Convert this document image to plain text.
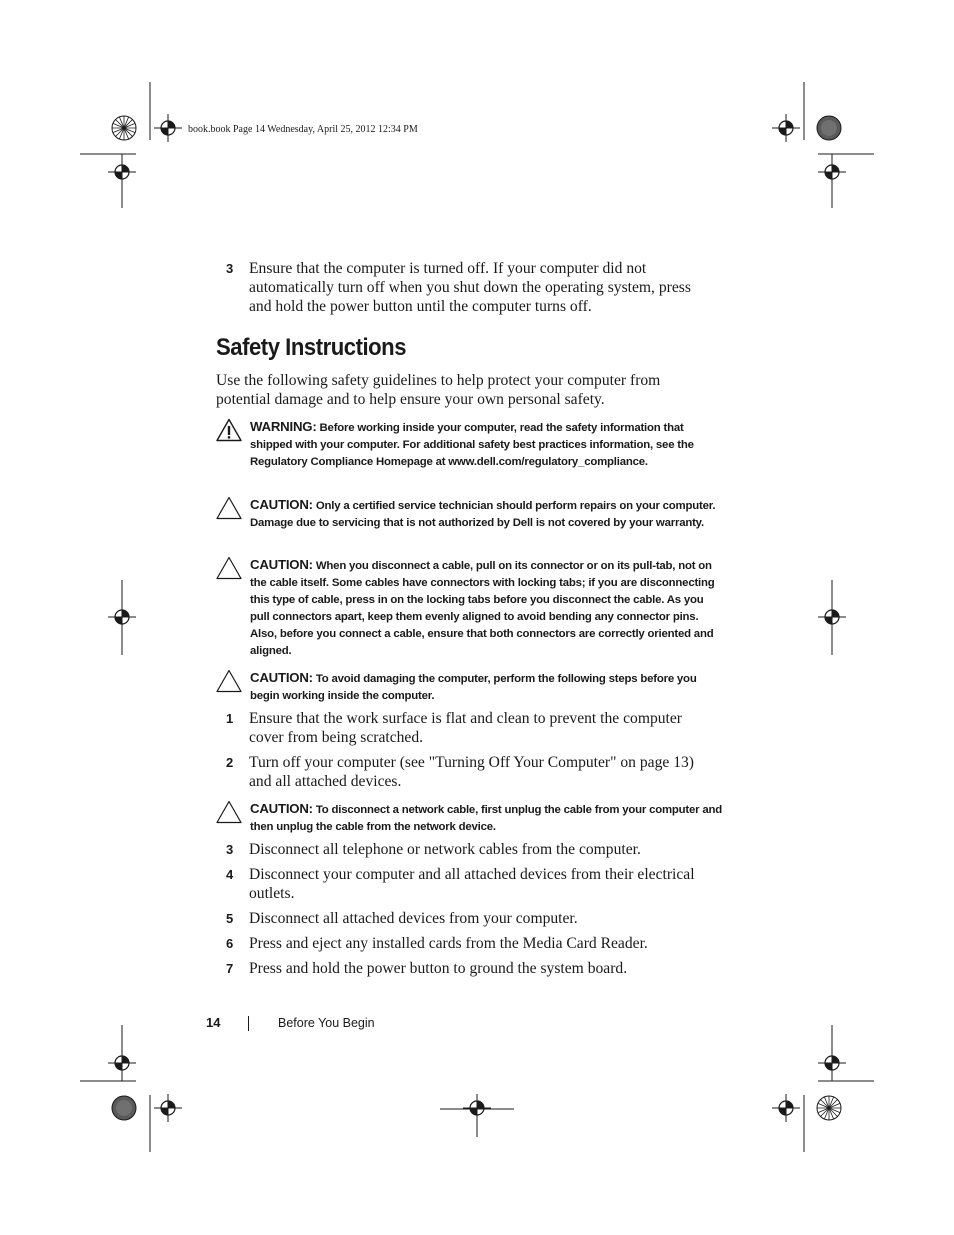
book.book Page 14 Wednesday, April 25, 2012 12:34 PM
3	Ensure that the computer is turned off. If your computer did not automatically turn off when you shut down the operating system, press and hold the power button until the computer turns off.
Safety Instructions
Use the following safety guidelines to help protect your computer from potential damage and to help ensure your own personal safety.
WARNING: Before working inside your computer, read the safety information that shipped with your computer. For additional safety best practices information, see the Regulatory Compliance Homepage at www.dell.com/regulatory_compliance.
CAUTION: Only a certified service technician should perform repairs on your computer. Damage due to servicing that is not authorized by Dell is not covered by your warranty.
CAUTION: When you disconnect a cable, pull on its connector or on its pull-tab, not on the cable itself. Some cables have connectors with locking tabs; if you are disconnecting this type of cable, press in on the locking tabs before you disconnect the cable. As you pull connectors apart, keep them evenly aligned to avoid bending any connector pins. Also, before you connect a cable, ensure that both connectors are correctly oriented and aligned.
CAUTION: To avoid damaging the computer, perform the following steps before you begin working inside the computer.
1	Ensure that the work surface is flat and clean to prevent the computer cover from being scratched.
2	Turn off your computer (see "Turning Off Your Computer" on page 13) and all attached devices.
CAUTION: To disconnect a network cable, first unplug the cable from your computer and then unplug the cable from the network device.
3	Disconnect all telephone or network cables from the computer.
4	Disconnect your computer and all attached devices from their electrical outlets.
5	Disconnect all attached devices from your computer.
6	Press and eject any installed cards from the Media Card Reader.
7	Press and hold the power button to ground the system board.
14	Before You Begin
